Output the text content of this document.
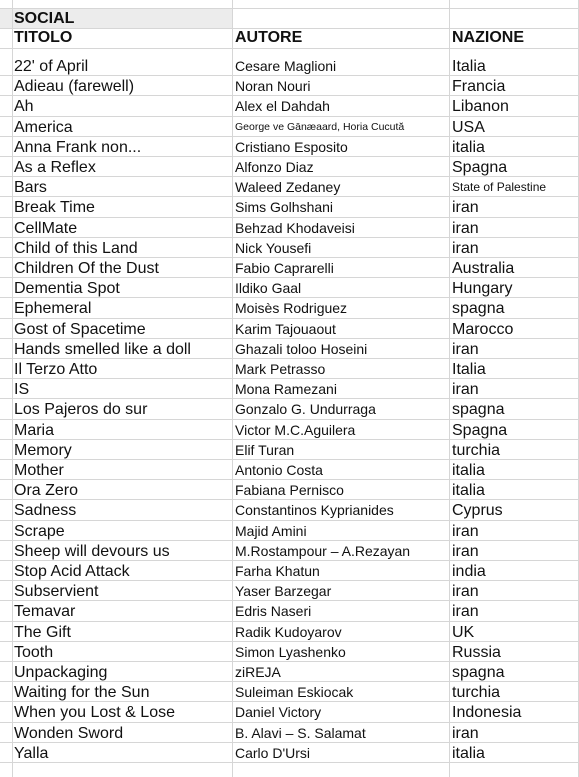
SOCIAL
TITOLO	AUTORE	NAZIONE
22' of April	Cesare Maglioni	Italia
Adieau (farewell)	Noran Nouri	Francia
Ah	Alex el Dahdah	Libanon
America	George ve Gānæaard, Horia Cucută	USA
Anna Frank non...	Cristiano Esposito	italia
As a Reflex	Alfonzo Diaz	Spagna
Bars	Waleed Zedaney	State of Palestine
Break Time	Sims Golhshani	iran
CellMate	Behzad Khodaveisi	iran
Child of this Land	Nick Yousefi	iran
Children Of the Dust	Fabio Caprarelli	Australia
Dementia Spot	Ildiko Gaal	Hungary
Ephemeral	Moisès Rodriguez	spagna
Gost of Spacetime	Karim Tajouaout	Marocco
Hands smelled like a doll	Ghazali toloo Hoseini	iran
Il Terzo Atto	Mark Petrasso	Italia
IS	Mona Ramezani	iran
Los Pajeros do sur	Gonzalo G. Undurraga	spagna
Maria	Victor M.C.Aguilera	Spagna
Memory	Elif Turan	turchia
Mother	Antonio Costa	italia
Ora Zero	Fabiana Pernisco	italia
Sadness	Constantinos Kyprianides	Cyprus
Scrape	Majid Amini	iran
Sheep will devours us	M.Rostampour – A.Rezayan	iran
Stop Acid Attack	Farha Khatun	india
Subservient	Yaser Barzegar	iran
Temavar	Edris Naseri	iran
The Gift	Radik Kudoyarov	UK
Tooth	Simon Lyashenko	Russia
Unpackaging	ziREJA	spagna
Waiting for the Sun	Suleiman Eskiocak	turchia
When you Lost & Lose	Daniel Victory	Indonesia
Wonden Sword	B. Alavi – S. Salamat	iran
Yalla	Carlo D'Ursi	italia
